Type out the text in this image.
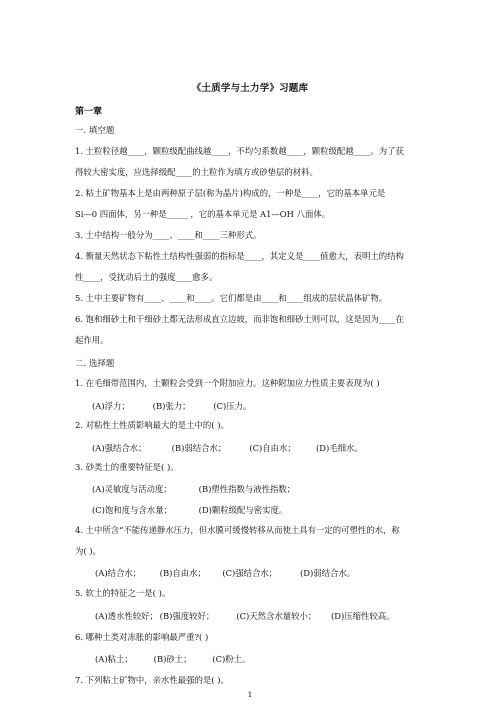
《土质学与土力学》习题库
第一章
一. 填空题
1. 土粒粒径越____，颗粒级配曲线越____，不均匀系数越____，颗粒级配越____。为了获
得较大密实度，应选择级配____的土粒作为填方或砂垫层的材料。
2. 粘土矿物基本上是由两种原子层(称为晶片)构成的，一种是____，它的基本单元是
Si—0 四面体，另一种是_____ ，它的基本单元是 A1—OH 八面体。
3. 土中结构一般分为____、____和____三种形式。
4. 衡量天然状态下粘性土结构性强弱的指标是____，其定义是____值愈大，表明土的结构
性____，受扰动后土的强度____愈多。
5. 土中主要矿物有____、____和____。它们都是由____和____组成的层状晶体矿物。
6. 饱和细砂土和干细砂土都无法形成直立边坡，而非饱和细砂土则可以，这是因为____在
起作用。
二. 选择题
1. 在毛细带范围内，土颗粒会受到一个附加应力。这种附加应力性质主要表现为( )
(A)浮力；	(B)张力；	(C)压力。
2. 对粘性土性质影响最大的是土中的( )。
(A)强结合水；	(B)弱结合水；	(C)自由水； (D)毛细水。
3. 砂类土的重要特征是( )。
(A)灵敏度与活动度；	(B)塑性指数与液性指数；
(C)饱和度与含水量；	(D)颗粒级配与密实度。
4. 土中所含“不能传递静水压力，但水膜可缓慢转移从而使土具有一定的可塑性的水，称
为( )。
(A)结合水； (B)自由水； (C)强结合水；	(D)弱结合水。
5. 软土的特征之一是( )。
(A)透水性较好； (B)强度较好；	(C)天然含水量较小； (D)压缩性较高。
6. 哪种土类对冻胀的影响最严重?( )
(A)粘土； (B)砂土； (C)粉土。
7. 下列粘土矿物中，亲水性最强的是( )。
1
